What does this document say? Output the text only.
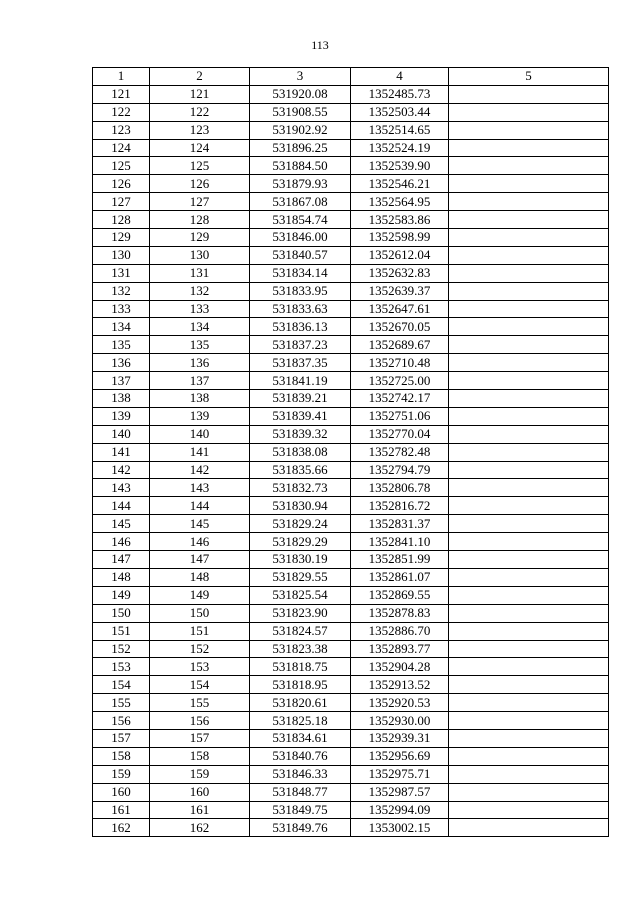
113
1	2	3	4	5
121	121	531920.08	1352485.73	
122	122	531908.55	1352503.44	
123	123	531902.92	1352514.65	
124	124	531896.25	1352524.19	
125	125	531884.50	1352539.90	
126	126	531879.93	1352546.21	
127	127	531867.08	1352564.95	
128	128	531854.74	1352583.86	
129	129	531846.00	1352598.99	
130	130	531840.57	1352612.04	
131	131	531834.14	1352632.83	
132	132	531833.95	1352639.37	
133	133	531833.63	1352647.61	
134	134	531836.13	1352670.05	
135	135	531837.23	1352689.67	
136	136	531837.35	1352710.48	
137	137	531841.19	1352725.00	
138	138	531839.21	1352742.17	
139	139	531839.41	1352751.06	
140	140	531839.32	1352770.04	
141	141	531838.08	1352782.48	
142	142	531835.66	1352794.79	
143	143	531832.73	1352806.78	
144	144	531830.94	1352816.72	
145	145	531829.24	1352831.37	
146	146	531829.29	1352841.10	
147	147	531830.19	1352851.99	
148	148	531829.55	1352861.07	
149	149	531825.54	1352869.55	
150	150	531823.90	1352878.83	
151	151	531824.57	1352886.70	
152	152	531823.38	1352893.77	
153	153	531818.75	1352904.28	
154	154	531818.95	1352913.52	
155	155	531820.61	1352920.53	
156	156	531825.18	1352930.00	
157	157	531834.61	1352939.31	
158	158	531840.76	1352956.69	
159	159	531846.33	1352975.71	
160	160	531848.77	1352987.57	
161	161	531849.75	1352994.09	
162	162	531849.76	1353002.15	
